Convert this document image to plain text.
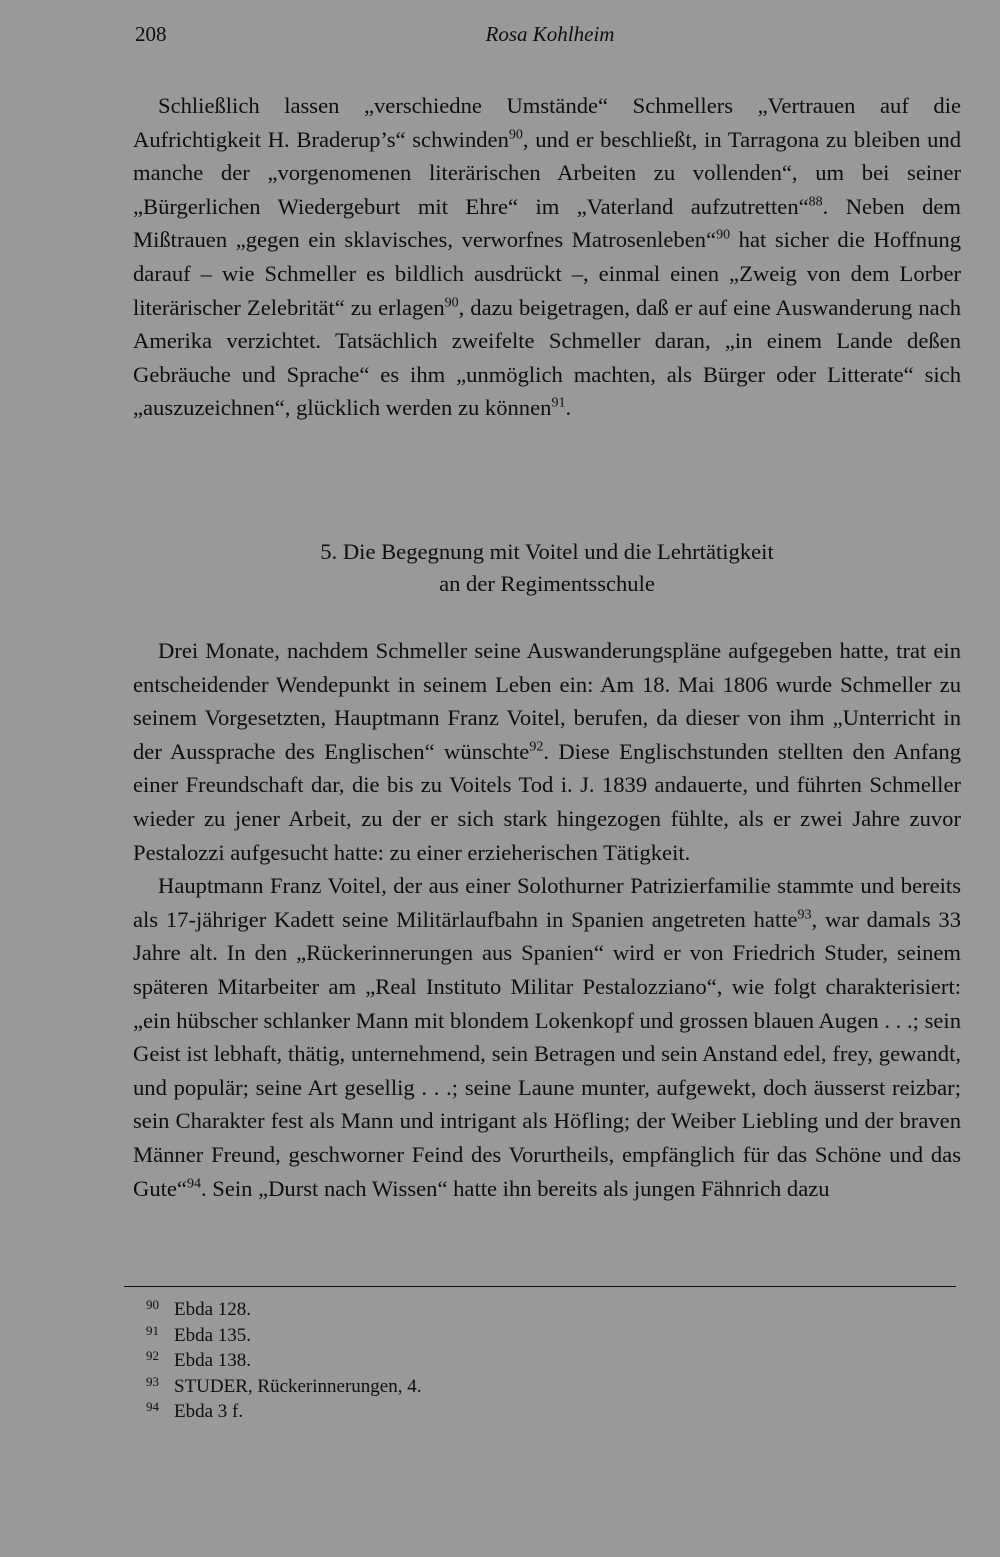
208	Rosa Kohlheim

Schließlich lassen „verschiedne Umstände“ Schmellers „Vertrauen auf die Aufrichtigkeit H. Braderup’s“ schwinden$^{90}$, und er beschließt, in Tarragona zu bleiben und manche der „vorgenomenen literärischen Arbeiten zu vollenden“, um bei seiner „Bürgerlichen Wiedergeburt mit Ehre“ im „Vaterland aufzutretten“$^{88}$. Neben dem Mißtrauen „gegen ein sklavisches, verworfnes Matrosenleben“$^{90}$ hat sicher die Hoffnung darauf – wie Schmeller es bildlich ausdrückt –, einmal einen „Zweig von dem Lorber literärischer Zelebrität“ zu erlagen$^{90}$, dazu beigetragen, daß er auf eine Auswanderung nach Amerika verzichtet. Tatsächlich zweifelte Schmeller daran, „in einem Lande deßen Gebräuche und Sprache“ es ihm „unmöglich machten, als Bürger oder Litterate“ sich „auszuzeichnen“, glücklich werden zu können$^{91}$.

5. Die Begegnung mit Voitel und die Lehrtätigkeit
an der Regimentsschule

Drei Monate, nachdem Schmeller seine Auswanderungspläne aufgegeben hatte, trat ein entscheidender Wendepunkt in seinem Leben ein: Am 18. Mai 1806 wurde Schmeller zu seinem Vorgesetzten, Hauptmann Franz Voitel, berufen, da dieser von ihm „Unterricht in der Aussprache des Englischen“ wünschte$^{92}$. Diese Englischstunden stellten den Anfang einer Freundschaft dar, die bis zu Voitels Tod i. J. 1839 andauerte, und führten Schmeller wieder zu jener Arbeit, zu der er sich stark hingezogen fühlte, als er zwei Jahre zuvor Pestalozzi aufgesucht hatte: zu einer erzieherischen Tätigkeit.

Hauptmann Franz Voitel, der aus einer Solothurner Patrizierfamilie stammte und bereits als 17-jähriger Kadett seine Militärlaufbahn in Spanien angetreten hatte$^{93}$, war damals 33 Jahre alt. In den „Rückerinnerungen aus Spanien“ wird er von Friedrich Studer, seinem späteren Mitarbeiter am „Real Instituto Militar Pestalozziano“, wie folgt charakterisiert: „ein hübscher schlanker Mann mit blondem Lokenkopf und grossen blauen Augen . . .; sein Geist ist lebhaft, thätig, unternehmend, sein Betragen und sein Anstand edel, frey, gewandt, und populär; seine Art gesellig . . .; seine Laune munter, aufgewekt, doch äusserst reizbar; sein Charakter fest als Mann und intrigant als Höfling; der Weiber Liebling und der braven Männer Freund, geschworner Feind des Vorurtheils, empfänglich für das Schöne und das Gute“$^{94}$. Sein „Durst nach Wissen“ hatte ihn bereits als jungen Fähnrich dazu

90 Ebda 128.
91 Ebda 135.
92 Ebda 138.
93 STUDER, Rückerinnerungen, 4.
94 Ebda 3 f.
